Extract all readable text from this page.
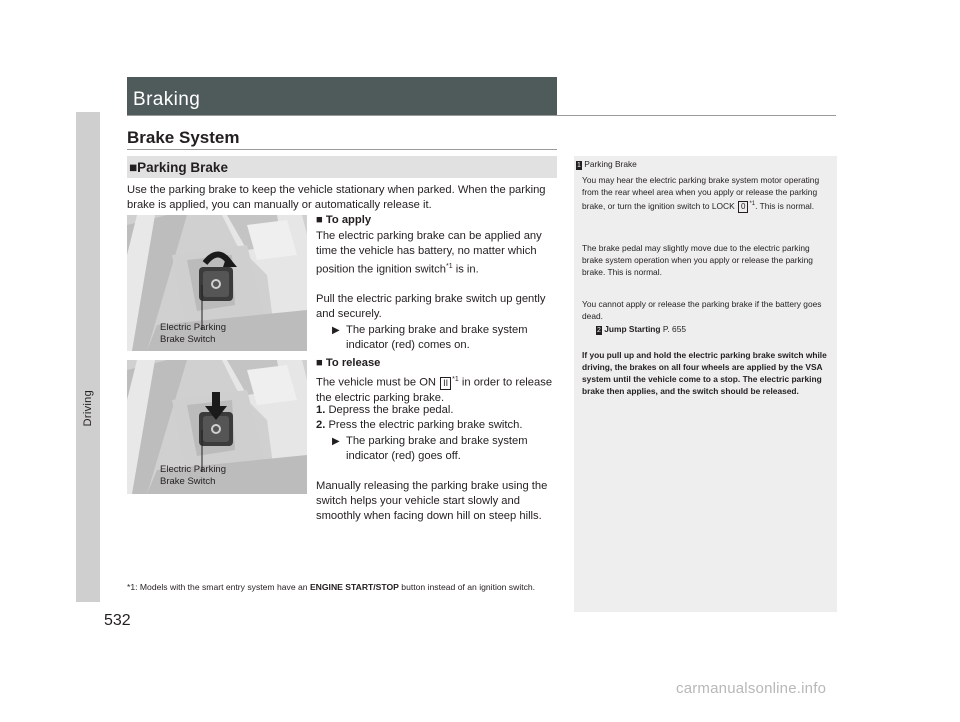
Driving
532
Braking
Brake System
■Parking Brake
Use the parking brake to keep the vehicle stationary when parked. When the parking brake is applied, you can manually or automatically release it.
Electric Parking
Brake Switch
■ To apply
The electric parking brake can be applied any time the vehicle has battery, no matter which position the ignition switch$^{*1}$ is in.
Pull the electric parking brake switch up gently and securely.
▶ The parking brake and brake system indicator (red) comes on.
Electric Parking
Brake Switch
■ To release
The vehicle must be ON II $^{*1}$ in order to release the electric parking brake.
1. Depress the brake pedal.
2. Press the electric parking brake switch.
▶ The parking brake and brake system indicator (red) goes off.
Manually releasing the parking brake using the switch helps your vehicle start slowly and smoothly when facing down hill on steep hills.
*1: Models with the smart entry system have an ENGINE START/STOP button instead of an ignition switch.
1 Parking Brake
You may hear the electric parking brake system motor operating from the rear wheel area when you apply or release the parking brake, or turn the ignition switch to LOCK 0 $^{*1}$. This is normal.
The brake pedal may slightly move due to the electric parking brake system operation when you apply or release the parking brake. This is normal.
You cannot apply or release the parking brake if the battery goes dead.
2 Jump Starting P. 655
If you pull up and hold the electric parking brake switch while driving, the brakes on all four wheels are applied by the VSA system until the vehicle come to a stop. The electric parking brake then applies, and the switch should be released.
carmanualsonline.info
